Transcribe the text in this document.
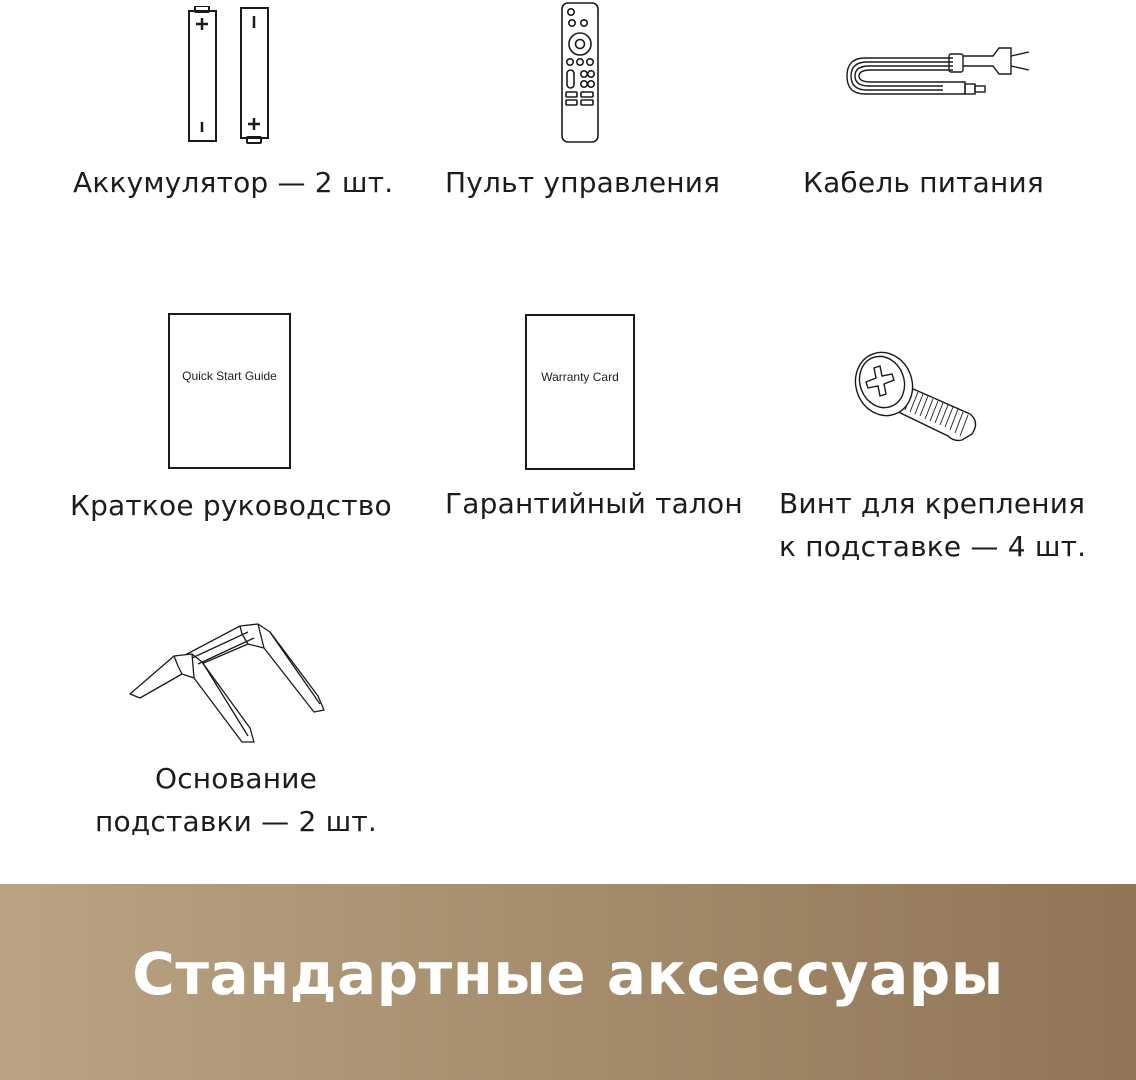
Аккумулятор — 2 шт. Пульт управления	Кабель питания
Quick Start Guide
Краткое руководство
Warranty Card
Гарантийный талон Винт для крепления
к подставке — 4 шт.
Основание
подставки — 2 шт.
Стандартные аксессуары
